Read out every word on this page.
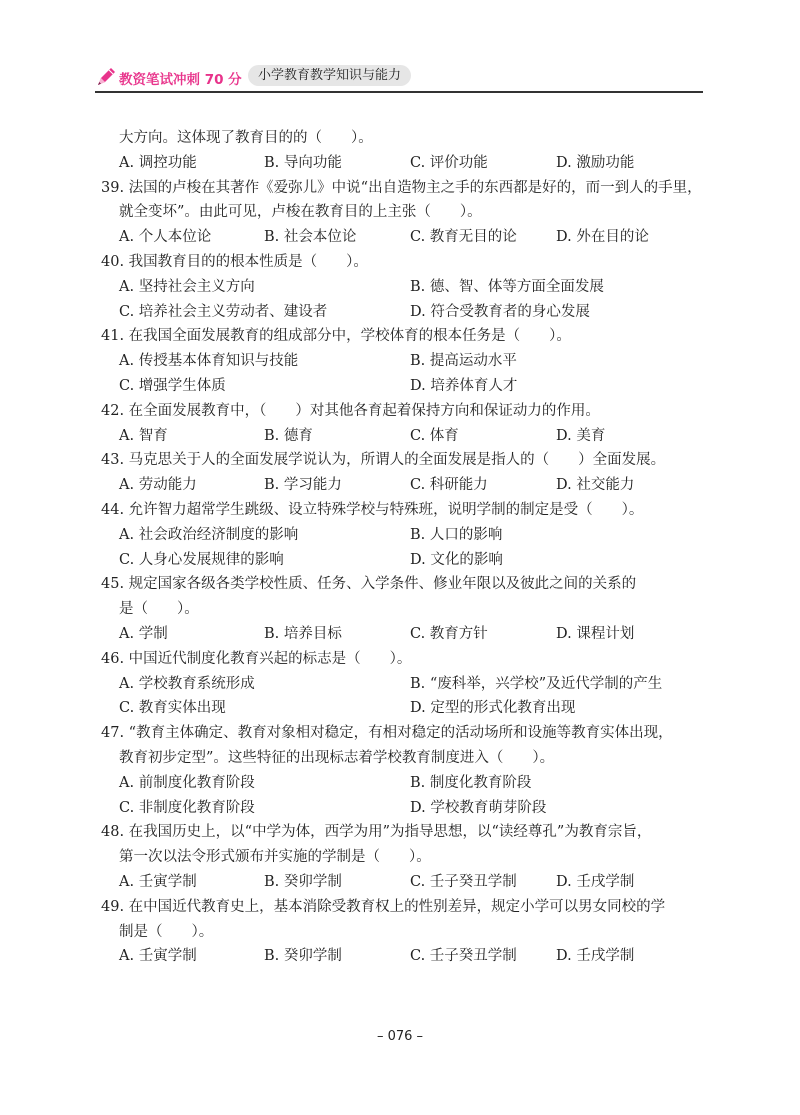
教资笔试冲刺 70 分	小学教育教学知识与能力
大方向。这体现了教育目的的（　　）。
A. 调控功能	B. 导向功能	C. 评价功能	D. 激励功能
39. 法国的卢梭在其著作《爱弥儿》中说“出自造物主之手的东西都是好的，而一到人的手里，
就全变坏”。由此可见，卢梭在教育目的上主张（　　）。
A. 个人本位论	B. 社会本位论	C. 教育无目的论	D. 外在目的论
40. 我国教育目的的根本性质是（　　）。
A. 坚持社会主义方向	B. 德、智、体等方面全面发展
C. 培养社会主义劳动者、建设者	D. 符合受教育者的身心发展
41. 在我国全面发展教育的组成部分中，学校体育的根本任务是（　　）。
A. 传授基本体育知识与技能	B. 提高运动水平
C. 增强学生体质	D. 培养体育人才
42. 在全面发展教育中，（　　）对其他各育起着保持方向和保证动力的作用。
A. 智育	B. 德育	C. 体育	D. 美育
43. 马克思关于人的全面发展学说认为，所谓人的全面发展是指人的（　　）全面发展。
A. 劳动能力	B. 学习能力	C. 科研能力	D. 社交能力
44. 允许智力超常学生跳级、设立特殊学校与特殊班，说明学制的制定是受（　　）。
A. 社会政治经济制度的影响	B. 人口的影响
C. 人身心发展规律的影响	D. 文化的影响
45. 规定国家各级各类学校性质、任务、入学条件、修业年限以及彼此之间的关系的
是（　　）。
A. 学制	B. 培养目标	C. 教育方针	D. 课程计划
46. 中国近代制度化教育兴起的标志是（　　）。
A. 学校教育系统形成	B. “废科举，兴学校”及近代学制的产生
C. 教育实体出现	D. 定型的形式化教育出现
47. “教育主体确定、教育对象相对稳定，有相对稳定的活动场所和设施等教育实体出现，
教育初步定型”。这些特征的出现标志着学校教育制度进入（　　）。
A. 前制度化教育阶段	B. 制度化教育阶段
C. 非制度化教育阶段	D. 学校教育萌芽阶段
48. 在我国历史上，以“中学为体，西学为用”为指导思想，以“读经尊孔”为教育宗旨，
第一次以法令形式颁布并实施的学制是（　　）。
A. 壬寅学制	B. 癸卯学制	C. 壬子癸丑学制	D. 壬戌学制
49. 在中国近代教育史上，基本消除受教育权上的性别差异，规定小学可以男女同校的学
制是（　　）。
A. 壬寅学制	B. 癸卯学制	C. 壬子癸丑学制	D. 壬戌学制
– 076 –
